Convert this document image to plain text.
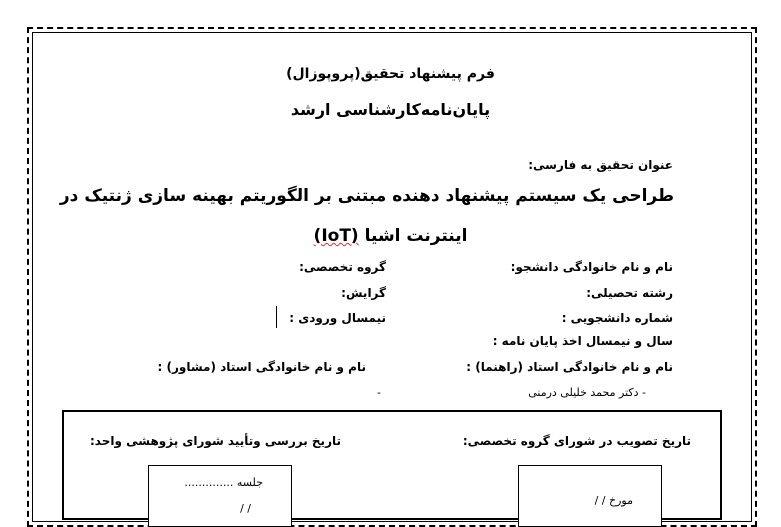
فرم پیشنهاد تحقیق(پروپوزال)
پایان‌نامه‌کارشناسی ارشد
عنوان تحقیق به فارسی:
طراحی یک سیستم پیشنهاد دهنده مبتنی بر الگوریتم بهینه سازی ژنتیک در
اینترنت اشیا (IoT)
نام و نام خانوادگی دانشجو:
گروه تخصصی:
رشته تحصیلی:
گرایش:
شماره دانشجویی :
نیمسال ورودی :
سال و نیمسال اخذ پایان نامه :
نام و نام خانوادگی استاد (راهنما) :
نام و نام خانوادگی استاد (مشاور) :
- دکتر محمد خلیلی درمنی
-
تاریخ تصویب در شورای گروه تخصصی:
تاریخ بررسی وتأیید شورای پژوهشی واحد:
مورخ / /
جلسه ..............
/ /
